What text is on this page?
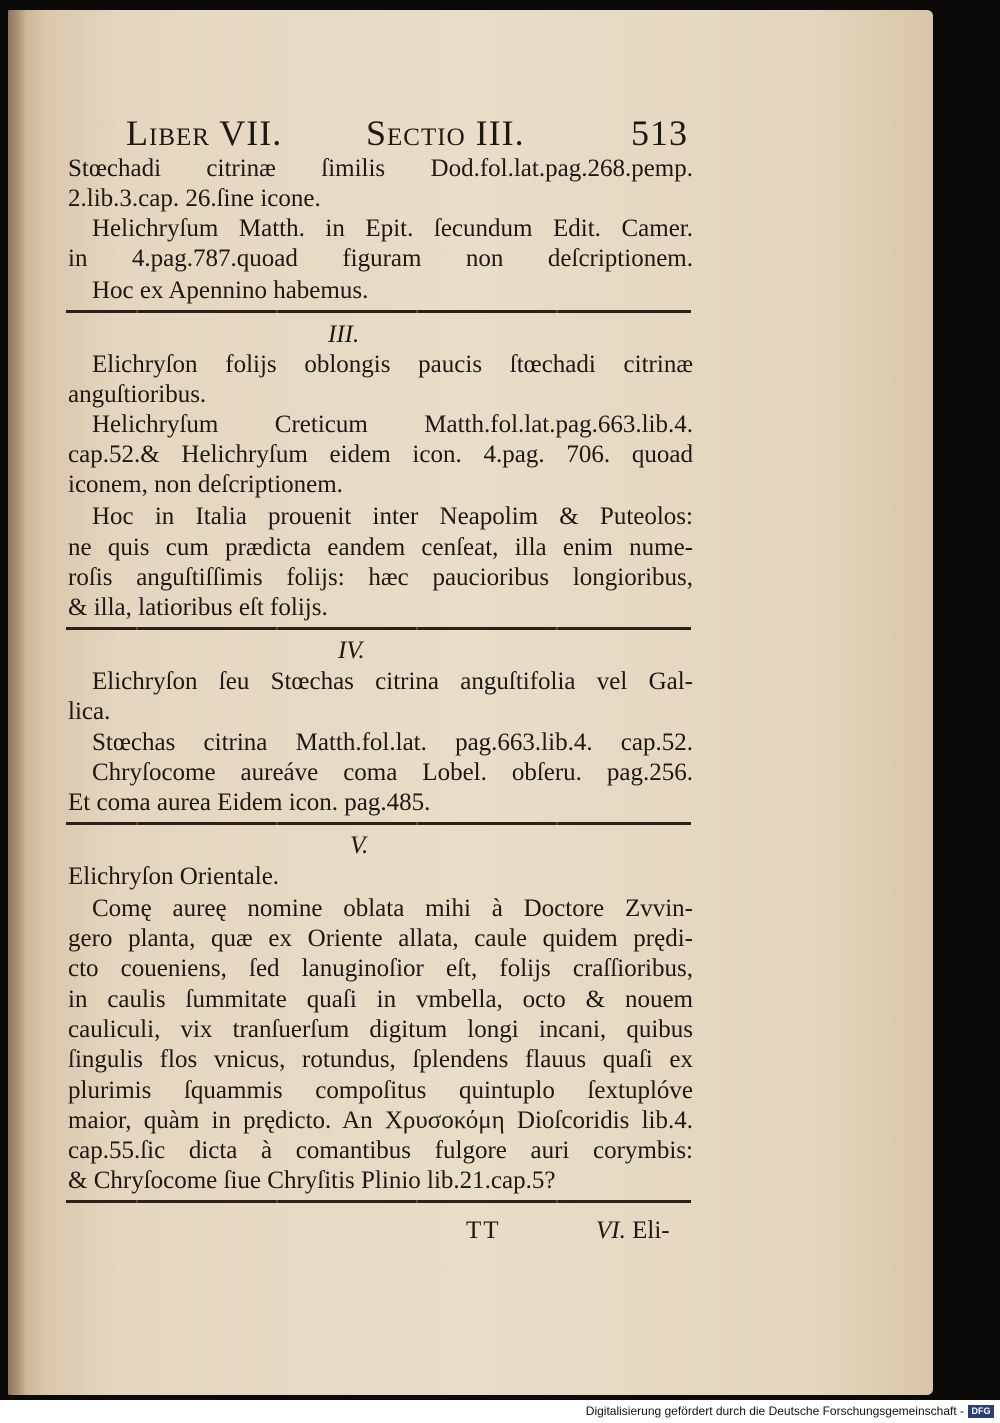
Liber VII. Sectio III.	513
Stœchadi citrinæ ſimilis Dod.fol.lat.pag.268.pemp.
2.lib.3.cap. 26.ſine icone.
Helichryſum Matth. in Epit. ſecundum Edit. Camer.
in 4.pag.787.quoad figuram non deſcriptionem.
Hoc ex Apennino habemus.
III.
Elichryſon folijs oblongis paucis ſtœchadi citrinæ
anguſtioribus.
Helichryſum Creticum Matth.fol.lat.pag.663.lib.4.
cap.52.& Helichryſum eidem icon. 4.pag. 706. quoad
iconem, non deſcriptionem.
Hoc in Italia prouenit inter Neapolim & Puteolos:
ne quis cum prædicta eandem cenſeat, illa enim nume-
roſis anguſtiſſimis folijs: hæc paucioribus longioribus,
& illa, latioribus eſt folijs.
IV.
Elichryſon ſeu Stœchas citrina anguſtifolia vel Gal-
lica.
Stœchas citrina Matth.fol.lat. pag.663.lib.4. cap.52.
Chryſocome aureáve coma Lobel. obſeru. pag.256.
Et coma aurea Eidem icon. pag.485.
V.
Elichryſon Orientale.
Comę aureę nomine oblata mihi à Doctore Zvvin-
gero planta, quæ ex Oriente allata, caule quidem prędi-
cto coueniens, ſed lanuginoſior eſt, folijs craſſioribus,
in caulis ſummitate quaſi in vmbella, octo & nouem
cauliculi, vix tranſuerſum digitum longi incani, quibus
ſingulis flos vnicus, rotundus, ſplendens flauus quaſi ex
plurimis ſquammis compoſitus quintuplo ſextuplóve
maior, quàm in prędicto. An Χρυσοκόμη Dioſcoridis lib.4.
cap.55.ſic dicta à comantibus fulgore auri corymbis:
& Chryſocome ſiue Chryſitis Plinio lib.21.cap.5?
TT	VI. Eli-
Digitalisierung gefördert durch die Deutsche Forschungsgemeinschaft - DFG
